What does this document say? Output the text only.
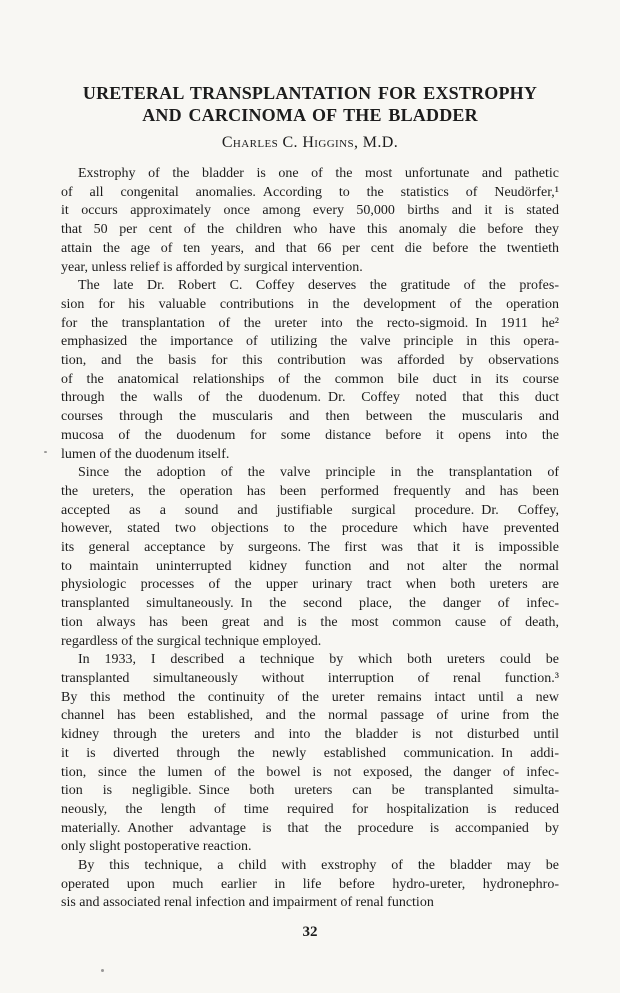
URETERAL TRANSPLANTATION FOR EXSTROPHY
AND CARCINOMA OF THE BLADDER
Charles C. Higgins, M.D.

Exstrophy of the bladder is one of the most unfortunate and pathetic
of all congenital anomalies. According to the statistics of Neudörfer,¹
it occurs approximately once among every 50,000 births and it is stated
that 50 per cent of the children who have this anomaly die before they
attain the age of ten years, and that 66 per cent die before the twentieth
year, unless relief is afforded by surgical intervention.

The late Dr. Robert C. Coffey deserves the gratitude of the profes-
sion for his valuable contributions in the development of the operation
for the transplantation of the ureter into the recto-sigmoid. In 1911 he²
emphasized the importance of utilizing the valve principle in this opera-
tion, and the basis for this contribution was afforded by observations
of the anatomical relationships of the common bile duct in its course
through the walls of the duodenum. Dr. Coffey noted that this duct
courses through the muscularis and then between the muscularis and
mucosa of the duodenum for some distance before it opens into the
lumen of the duodenum itself.

Since the adoption of the valve principle in the transplantation of
the ureters, the operation has been performed frequently and has been
accepted as a sound and justifiable surgical procedure. Dr. Coffey,
however, stated two objections to the procedure which have prevented
its general acceptance by surgeons. The first was that it is impossible
to maintain uninterrupted kidney function and not alter the normal
physiologic processes of the upper urinary tract when both ureters are
transplanted simultaneously. In the second place, the danger of infec-
tion always has been great and is the most common cause of death,
regardless of the surgical technique employed.

In 1933, I described a technique by which both ureters could be
transplanted simultaneously without interruption of renal function.³
By this method the continuity of the ureter remains intact until a new
channel has been established, and the normal passage of urine from the
kidney through the ureters and into the bladder is not disturbed until
it is diverted through the newly established communication. In addi-
tion, since the lumen of the bowel is not exposed, the danger of infec-
tion is negligible. Since both ureters can be transplanted simulta-
neously, the length of time required for hospitalization is reduced
materially. Another advantage is that the procedure is accompanied by
only slight postoperative reaction.

By this technique, a child with exstrophy of the bladder may be
operated upon much earlier in life before hydro-ureter, hydronephro-
sis and associated renal infection and impairment of renal function

32
